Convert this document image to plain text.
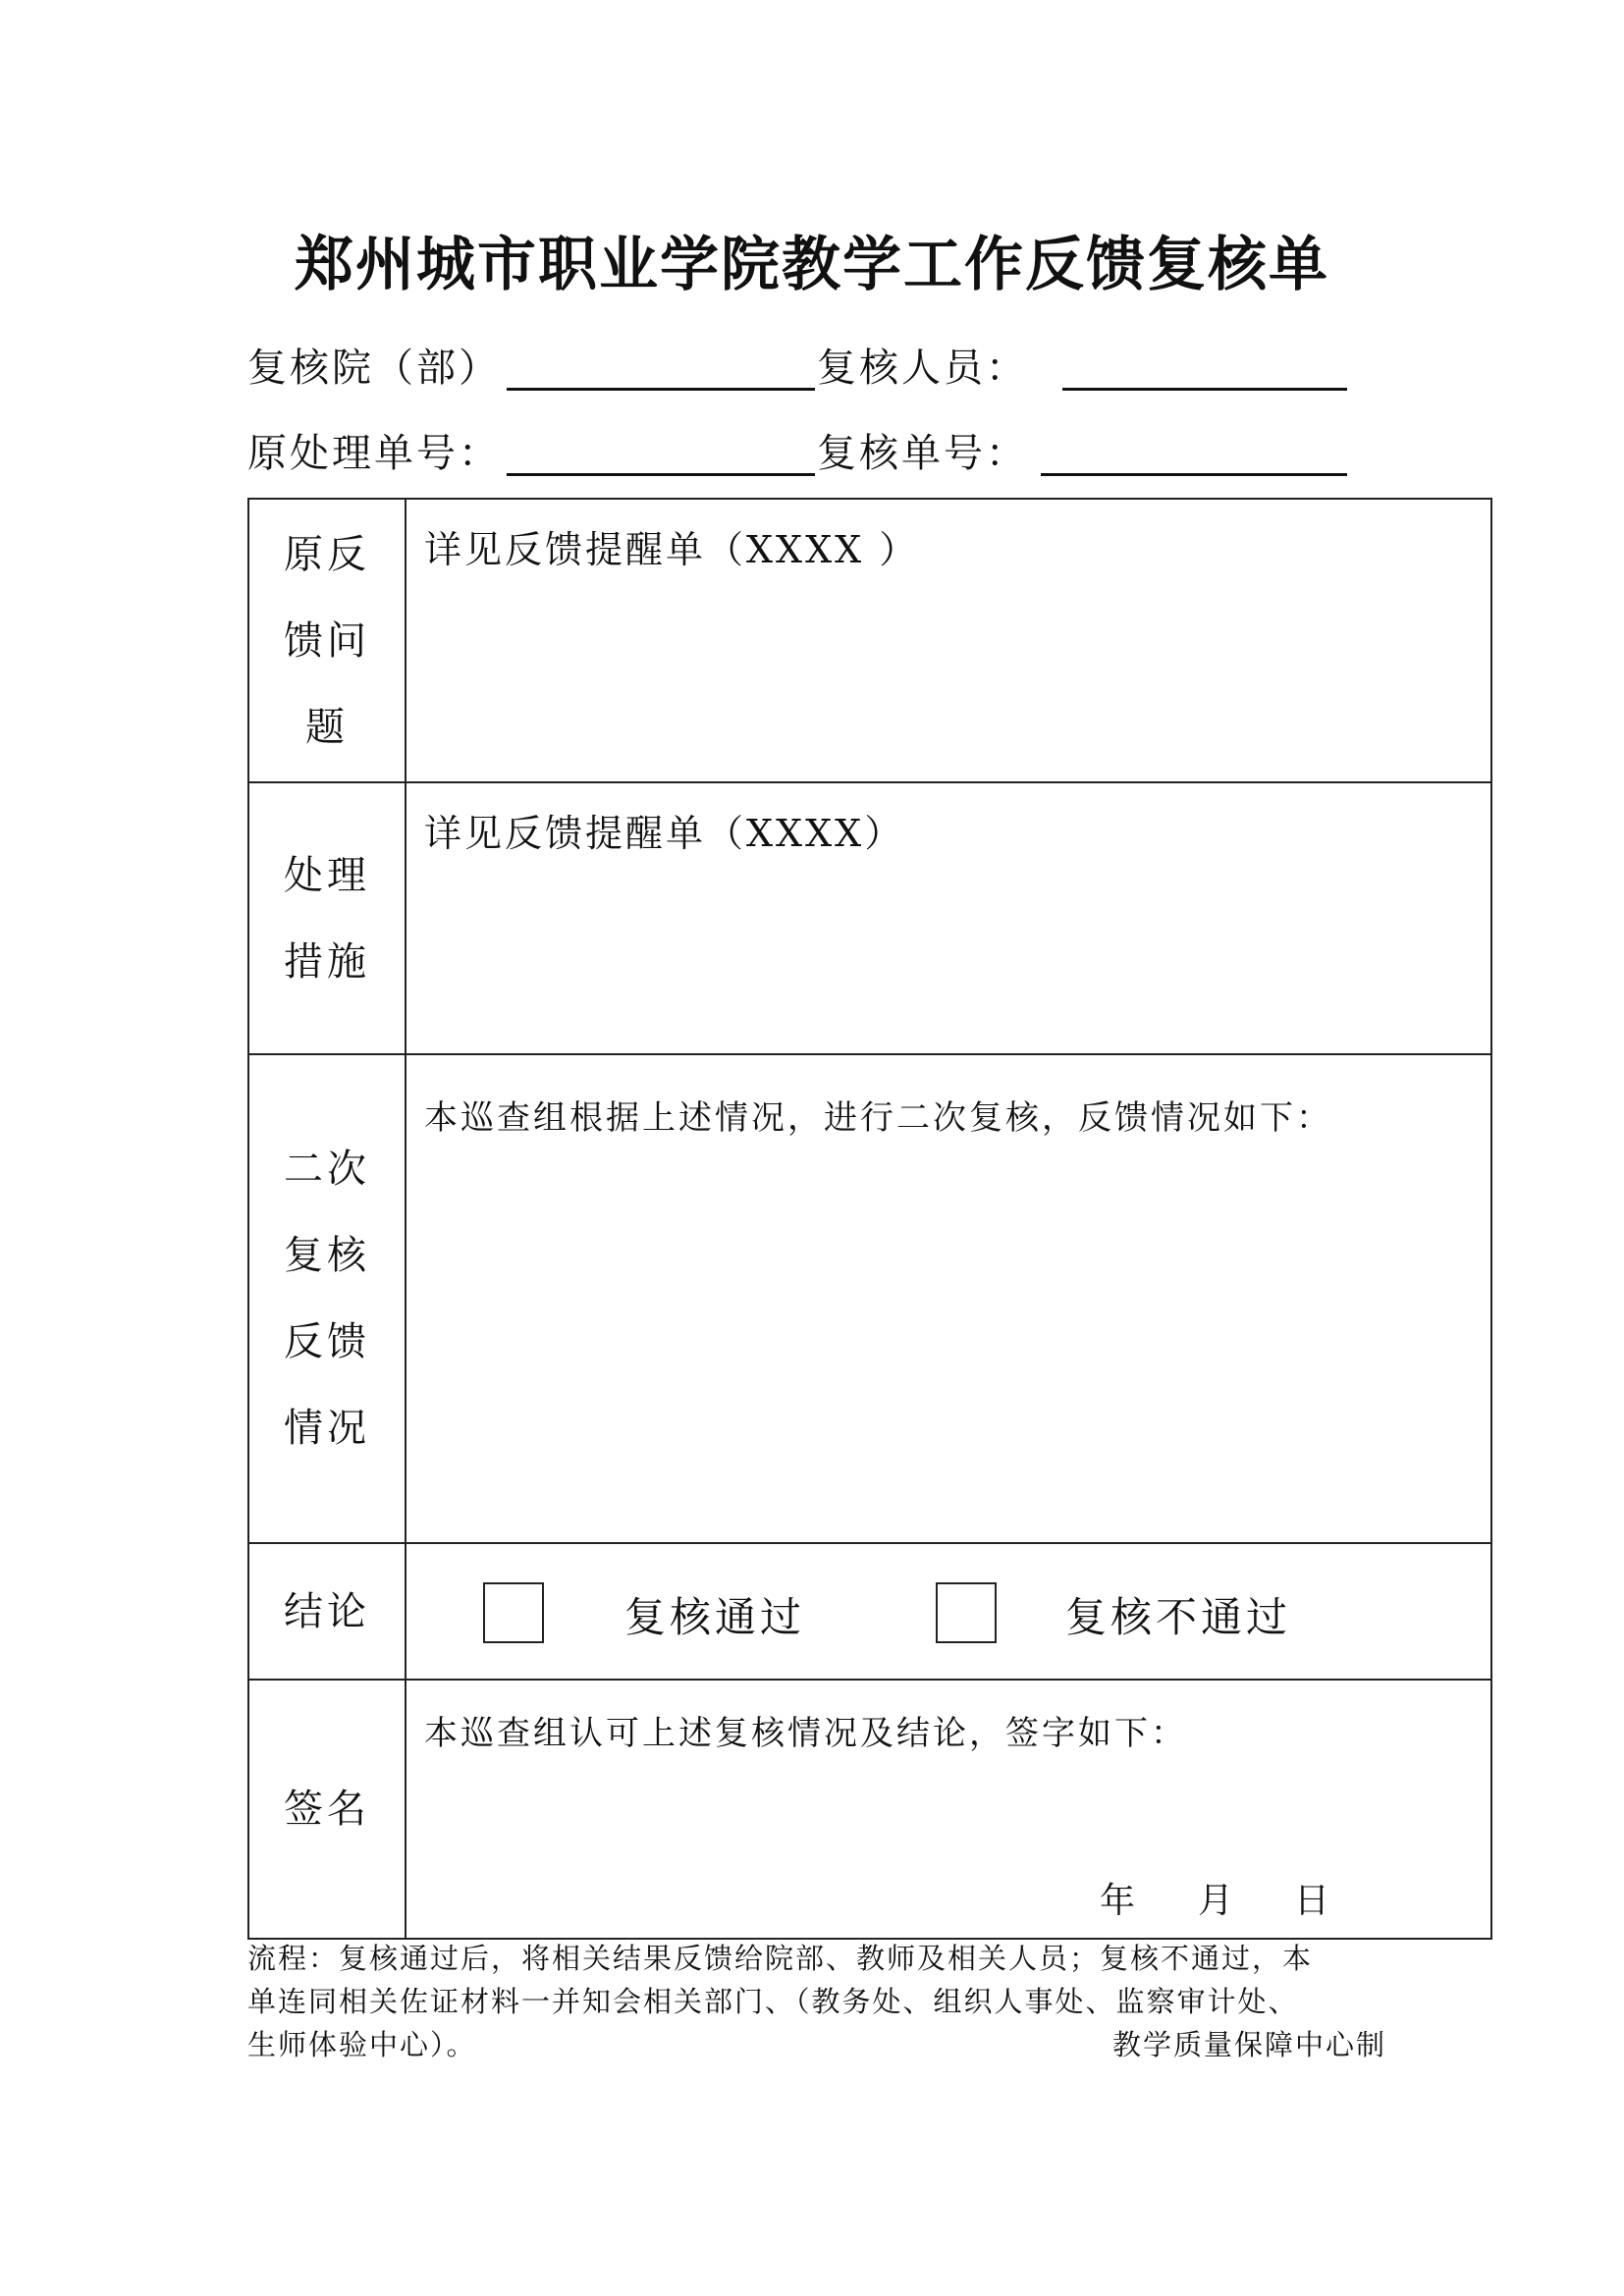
郑州城市职业学院教学工作反馈复核单
复核院（部）	复核人员：
原处理单号：	复核单号：
原反
馈问
题	详见反馈提醒单（XXXX ）

处理
措施	详见反馈提醒单（XXXX）

二次
复核
反馈
情况	本巡查组根据上述情况，进行二次复核，反馈情况如下：

结论	复核通过 复核不通过

签名	本巡查组认可上述复核情况及结论，签字如下：
年 月 日
流程：复核通过后，将相关结果反馈给院部、教师及相关人员；复核不通过，本
单连同相关佐证材料一并知会相关部门、（教务处、组织人事处、监察审计处、
生师体验中心）。	教学质量保障中心制
